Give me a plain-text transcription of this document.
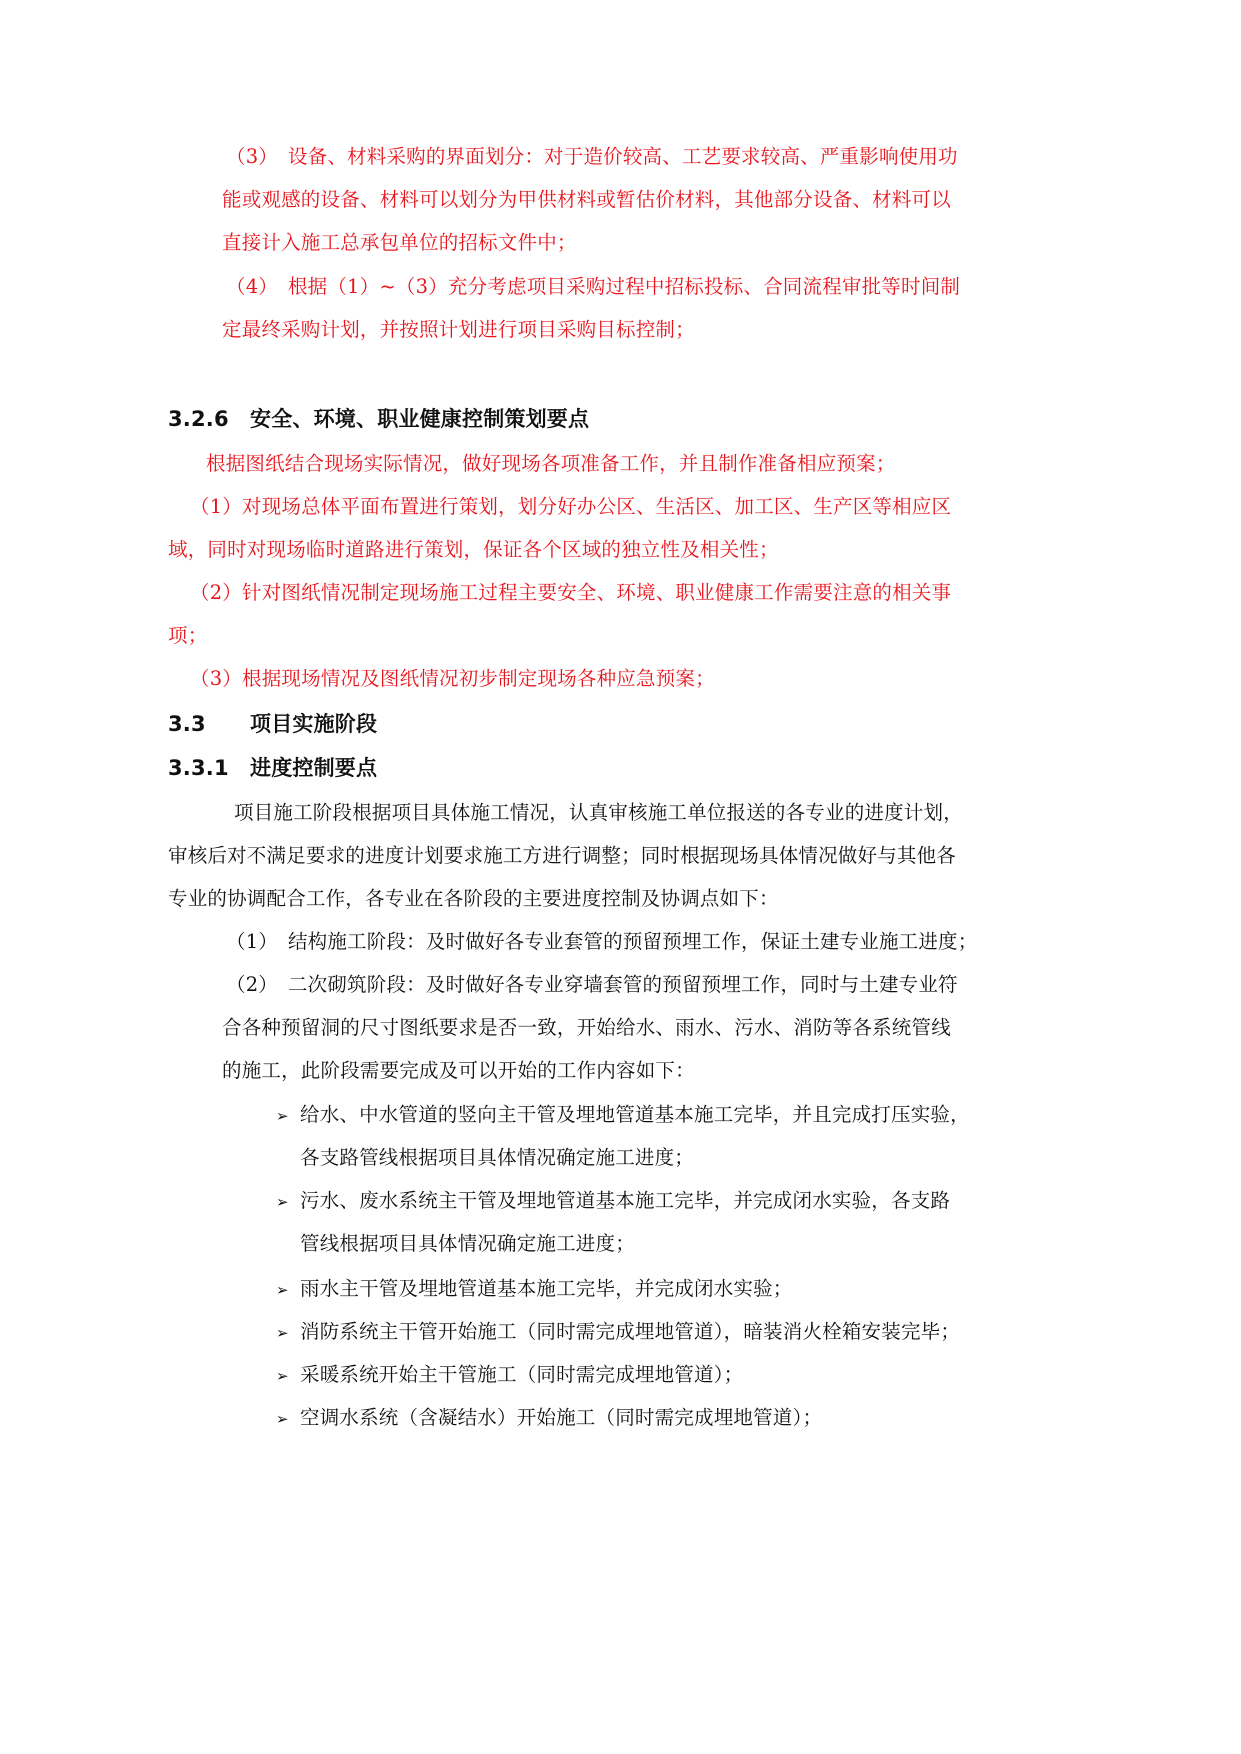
（3）　设备、材料采购的界面划分：对于造价较高、工艺要求较高、严重影响使用功
能或观感的设备、材料可以划分为甲供材料或暂估价材料，其他部分设备、材料可以
直接计入施工总承包单位的招标文件中；
（4）　根据（1）~（3）充分考虑项目采购过程中招标投标、合同流程审批等时间制
定最终采购计划，并按照计划进行项目采购目标控制；
3.2.6 安全、环境、职业健康控制策划要点
根据图纸结合现场实际情况，做好现场各项准备工作，并且制作准备相应预案；
（1）对现场总体平面布置进行策划，划分好办公区、生活区、加工区、生产区等相应区
域，同时对现场临时道路进行策划，保证各个区域的独立性及相关性；
（2）针对图纸情况制定现场施工过程主要安全、环境、职业健康工作需要注意的相关事
项；
（3）根据现场情况及图纸情况初步制定现场各种应急预案；
3.3 项目实施阶段
3.3.1 进度控制要点
项目施工阶段根据项目具体施工情况，认真审核施工单位报送的各专业的进度计划，
审核后对不满足要求的进度计划要求施工方进行调整；同时根据现场具体情况做好与其他各
专业的协调配合工作，各专业在各阶段的主要进度控制及协调点如下：
（1）　结构施工阶段：及时做好各专业套管的预留预埋工作，保证土建专业施工进度；
（2）　二次砌筑阶段：及时做好各专业穿墙套管的预留预埋工作，同时与土建专业符
合各种预留洞的尺寸图纸要求是否一致，开始给水、雨水、污水、消防等各系统管线
的施工，此阶段需要完成及可以开始的工作内容如下：
➢ 给水、中水管道的竖向主干管及埋地管道基本施工完毕，并且完成打压实验，
各支路管线根据项目具体情况确定施工进度；
➢ 污水、废水系统主干管及埋地管道基本施工完毕，并完成闭水实验，各支路
管线根据项目具体情况确定施工进度；
➢ 雨水主干管及埋地管道基本施工完毕，并完成闭水实验；
➢ 消防系统主干管开始施工（同时需完成埋地管道），暗装消火栓箱安装完毕；
➢ 采暖系统开始主干管施工（同时需完成埋地管道）；
➢ 空调水系统（含凝结水）开始施工（同时需完成埋地管道）；
